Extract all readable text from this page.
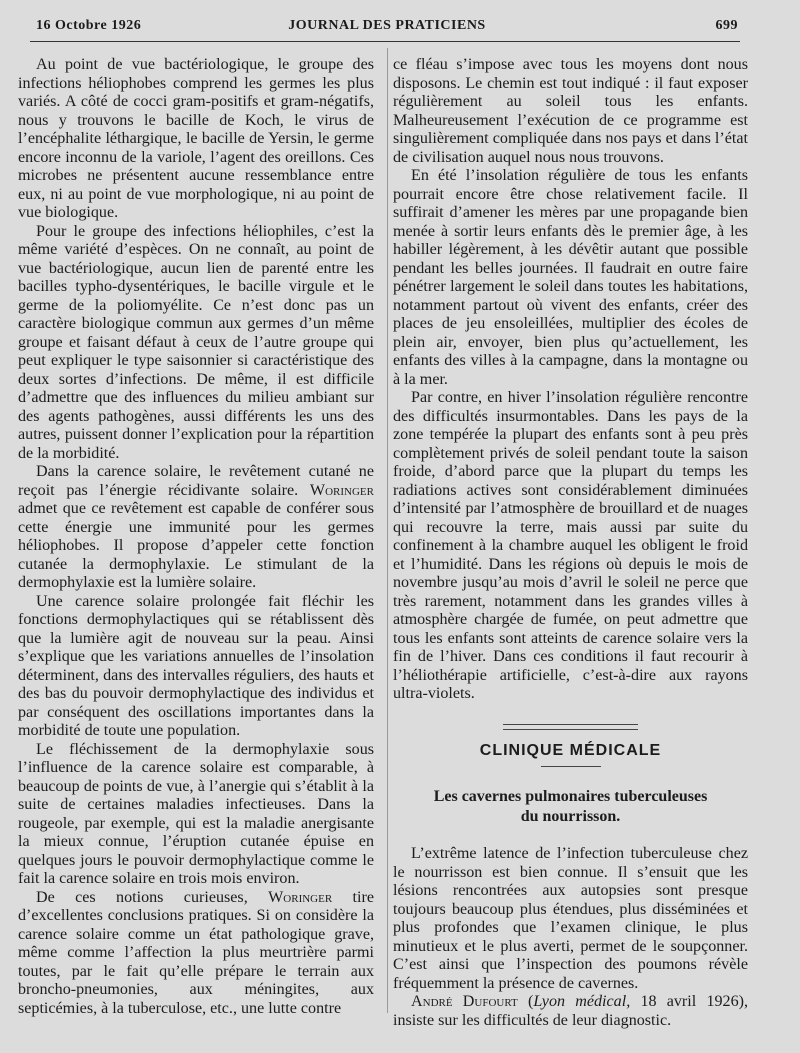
16 Octobre 1926	JOURNAL DES PRATICIENS	699

Au point de vue bactériologique, le groupe des infections héliophobes comprend les germes les plus variés. A côté de cocci gram-positifs et gram-négatifs, nous y trouvons le bacille de Koch, le virus de l’encéphalite léthargique, le bacille de Yersin, le germe encore inconnu de la variole, l’agent des oreillons. Ces microbes ne présentent aucune ressemblance entre eux, ni au point de vue morphologique, ni au point de vue biologique.

Pour le groupe des infections héliophiles, c’est la même variété d’espèces. On ne connaît, au point de vue bactériologique, aucun lien de parenté entre les bacilles typho-dysentériques, le bacille virgule et le germe de la poliomyélite. Ce n’est donc pas un caractère biologique commun aux germes d’un même groupe et faisant défaut à ceux de l’autre groupe qui peut expliquer le type saisonnier si caractéristique des deux sortes d’infections. De même, il est difficile d’admettre que des influences du milieu ambiant sur des agents pathogènes, aussi différents les uns des autres, puissent donner l’explication pour la répartition de la morbidité.

Dans la carence solaire, le revêtement cutané ne reçoit pas l’énergie récidivante solaire. Woringer admet que ce revêtement est capable de conférer sous cette énergie une immunité pour les germes héliophobes. Il propose d’appeler cette fonction cutanée la dermophylaxie. Le stimulant de la dermophylaxie est la lumière solaire.

Une carence solaire prolongée fait fléchir les fonctions dermophylactiques qui se rétablissent dès que la lumière agit de nouveau sur la peau. Ainsi s’explique que les variations annuelles de l’insolation déterminent, dans des intervalles réguliers, des hauts et des bas du pouvoir dermophylactique des individus et par conséquent des oscillations importantes dans la morbidité de toute une population.

Le fléchissement de la dermophylaxie sous l’influence de la carence solaire est comparable, à beaucoup de points de vue, à l’anergie qui s’établit à la suite de certaines maladies infectieuses. Dans la rougeole, par exemple, qui est la maladie anergisante la mieux connue, l’éruption cutanée épuise en quelques jours le pouvoir dermophylactique comme le fait la carence solaire en trois mois environ.

De ces notions curieuses, Woringer tire d’excellentes conclusions pratiques. Si on considère la carence solaire comme un état pathologique grave, même comme l’affection la plus meurtrière parmi toutes, par le fait qu’elle prépare le terrain aux broncho-pneumonies, aux méningites, aux septicémies, à la tuberculose, etc., une lutte contre

ce fléau s’impose avec tous les moyens dont nous disposons. Le chemin est tout indiqué : il faut exposer régulièrement au soleil tous les enfants. Malheureusement l’exécution de ce programme est singulièrement compliquée dans nos pays et dans l’état de civilisation auquel nous nous trouvons.

En été l’insolation régulière de tous les enfants pourrait encore être chose relativement facile. Il suffirait d’amener les mères par une propagande bien menée à sortir leurs enfants dès le premier âge, à les habiller légèrement, à les dévêtir autant que possible pendant les belles journées. Il faudrait en outre faire pénétrer largement le soleil dans toutes les habitations, notamment partout où vivent des enfants, créer des places de jeu ensoleillées, multiplier des écoles de plein air, envoyer, bien plus qu’actuellement, les enfants des villes à la campagne, dans la montagne ou à la mer.

Par contre, en hiver l’insolation régulière rencontre des difficultés insurmontables. Dans les pays de la zone tempérée la plupart des enfants sont à peu près complètement privés de soleil pendant toute la saison froide, d’abord parce que la plupart du temps les radiations actives sont considérablement diminuées d’intensité par l’atmosphère de brouillard et de nuages qui recouvre la terre, mais aussi par suite du confinement à la chambre auquel les obligent le froid et l’humidité. Dans les régions où depuis le mois de novembre jusqu’au mois d’avril le soleil ne perce que très rarement, notamment dans les grandes villes à atmosphère chargée de fumée, on peut admettre que tous les enfants sont atteints de carence solaire vers la fin de l’hiver. Dans ces conditions il faut recourir à l’héliothérapie artificielle, c’est-à-dire aux rayons ultra-violets.

CLINIQUE MÉDICALE
Les cavernes pulmonaires tuberculeuses
du nourrisson.

L’extrême latence de l’infection tuberculeuse chez le nourrisson est bien connue. Il s’ensuit que les lésions rencontrées aux autopsies sont presque toujours beaucoup plus étendues, plus disséminées et plus profondes que l’examen clinique, le plus minutieux et le plus averti, permet de le soupçonner. C’est ainsi que l’inspection des poumons révèle fréquemment la présence de cavernes.

André Dufourt (Lyon médical, 18 avril 1926), insiste sur les difficultés de leur diagnostic.
